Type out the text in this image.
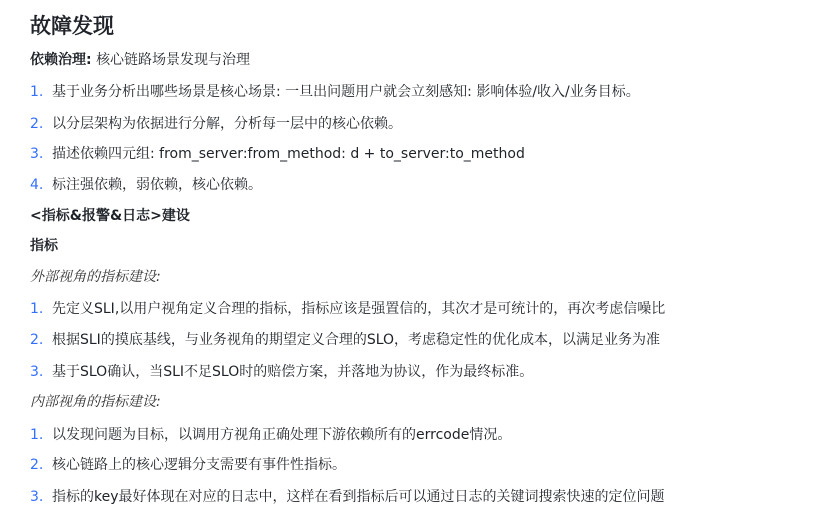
故障发现
依赖治理: 核心链路场景发现与治理
1. 基于业务分析出哪些场景是核心场景: 一旦出问题用户就会立刻感知: 影响体验/收入/业务目标。
2. 以分层架构为依据进行分解，分析每一层中的核心依赖。
3. 描述依赖四元组: from_server:from_method: d + to_server:to_method
4. 标注强依赖，弱依赖，核心依赖。
<指标&报警&日志>建设
指标
外部视角的指标建设:
1. 先定义SLI,以用户视角定义合理的指标，指标应该是强置信的，其次才是可统计的，再次考虑信噪比
2. 根据SLI的摸底基线，与业务视角的期望定义合理的SLO，考虑稳定性的优化成本，以满足业务为准
3. 基于SLO确认，当SLI不足SLO时的赔偿方案，并落地为协议，作为最终标准。
内部视角的指标建设:
1. 以发现问题为目标，以调用方视角正确处理下游依赖所有的errcode情况。
2. 核心链路上的核心逻辑分支需要有事件性指标。
3. 指标的key最好体现在对应的日志中，这样在看到指标后可以通过日志的关键词搜索快速的定位问题
